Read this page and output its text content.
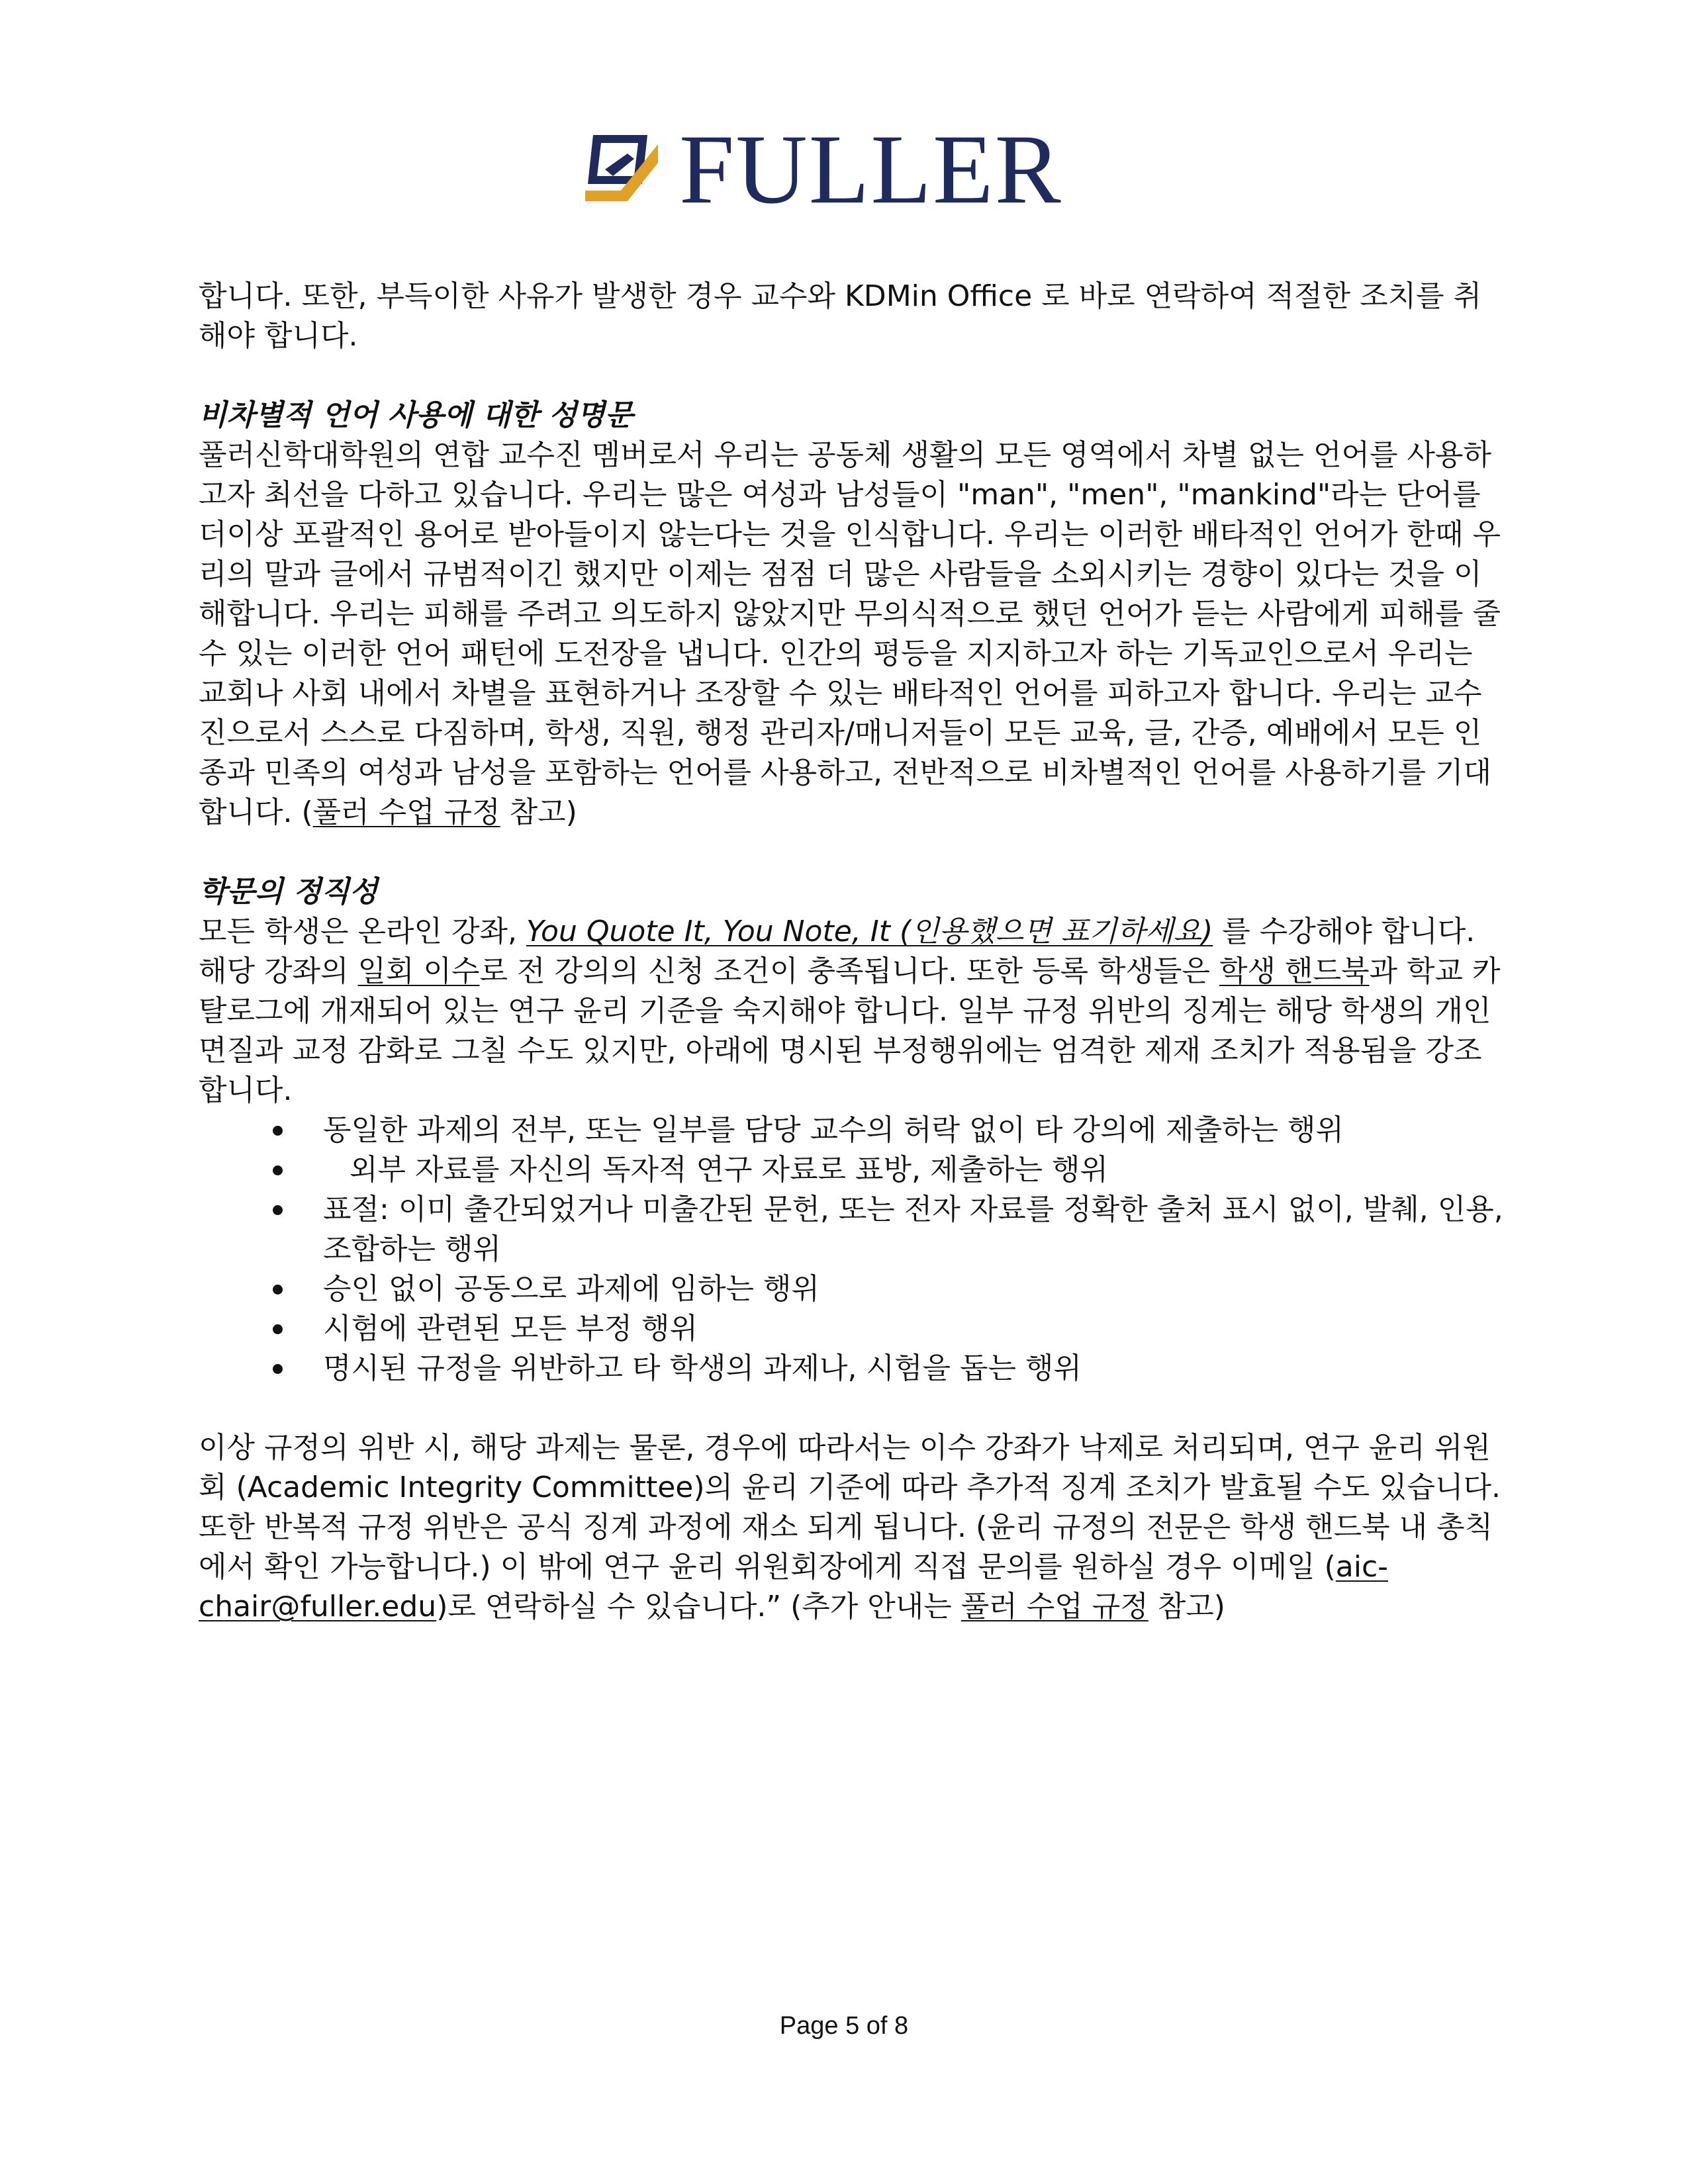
FULLER

합니다. 또한, 부득이한 사유가 발생한 경우 교수와 KDMin Office 로 바로 연락하여 적절한 조치를 취해야 합니다.

비차별적 언어 사용에 대한 성명문

풀러신학대학원의 연합 교수진 멤버로서 우리는 공동체 생활의 모든 영역에서 차별 없는 언어를 사용하고자 최선을 다하고 있습니다. 우리는 많은 여성과 남성들이 "man", "men", "mankind"라는 단어를 더이상 포괄적인 용어로 받아들이지 않는다는 것을 인식합니다. 우리는 이러한 배타적인 언어가 한때 우리의 말과 글에서 규범적이긴 했지만 이제는 점점 더 많은 사람들을 소외시키는 경향이 있다는 것을 이해합니다. 우리는 피해를 주려고 의도하지 않았지만 무의식적으로 했던 언어가 듣는 사람에게 피해를 줄 수 있는 이러한 언어 패턴에 도전장을 냅니다. 인간의 평등을 지지하고자 하는 기독교인으로서 우리는 교회나 사회 내에서 차별을 표현하거나 조장할 수 있는 배타적인 언어를 피하고자 합니다. 우리는 교수진으로서 스스로 다짐하며, 학생, 직원, 행정 관리자/매니저들이 모든 교육, 글, 간증, 예배에서 모든 인종과 민족의 여성과 남성을 포함하는 언어를 사용하고, 전반적으로 비차별적인 언어를 사용하기를 기대합니다. (풀러 수업 규정 참고)

학문의 정직성

모든 학생은 온라인 강좌, You Quote It, You Note, It (인용했으면 표기하세요) 를 수강해야 합니다. 해당 강좌의 일회 이수로 전 강의의 신청 조건이 충족됩니다. 또한 등록 학생들은 학생 핸드북과 학교 카탈로그에 개재되어 있는 연구 윤리 기준을 숙지해야 합니다. 일부 규정 위반의 징계는 해당 학생의 개인 면질과 교정 감화로 그칠 수도 있지만, 아래에 명시된 부정행위에는 엄격한 제재 조치가 적용됨을 강조합니다.

동일한 과제의 전부, 또는 일부를 담당 교수의 허락 없이 타 강의에 제출하는 행위
외부 자료를 자신의 독자적 연구 자료로 표방, 제출하는 행위
표절: 이미 출간되었거나 미출간된 문헌, 또는 전자 자료를 정확한 출처 표시 없이, 발췌, 인용, 조합하는 행위
승인 없이 공동으로 과제에 임하는 행위
시험에 관련된 모든 부정 행위
명시된 규정을 위반하고 타 학생의 과제나, 시험을 돕는 행위

이상 규정의 위반 시, 해당 과제는 물론, 경우에 따라서는 이수 강좌가 낙제로 처리되며, 연구 윤리 위원회 (Academic Integrity Committee)의 윤리 기준에 따라 추가적 징계 조치가 발효될 수도 있습니다. 또한 반복적 규정 위반은 공식 징계 과정에 재소 되게 됩니다. (윤리 규정의 전문은 학생 핸드북 내 총칙에서 확인 가능합니다.) 이 밖에 연구 윤리 위원회장에게 직접 문의를 원하실 경우 이메일 (aic-chair@fuller.edu)로 연락하실 수 있습니다.” (추가 안내는 풀러 수업 규정 참고)

Page 5 of 8
